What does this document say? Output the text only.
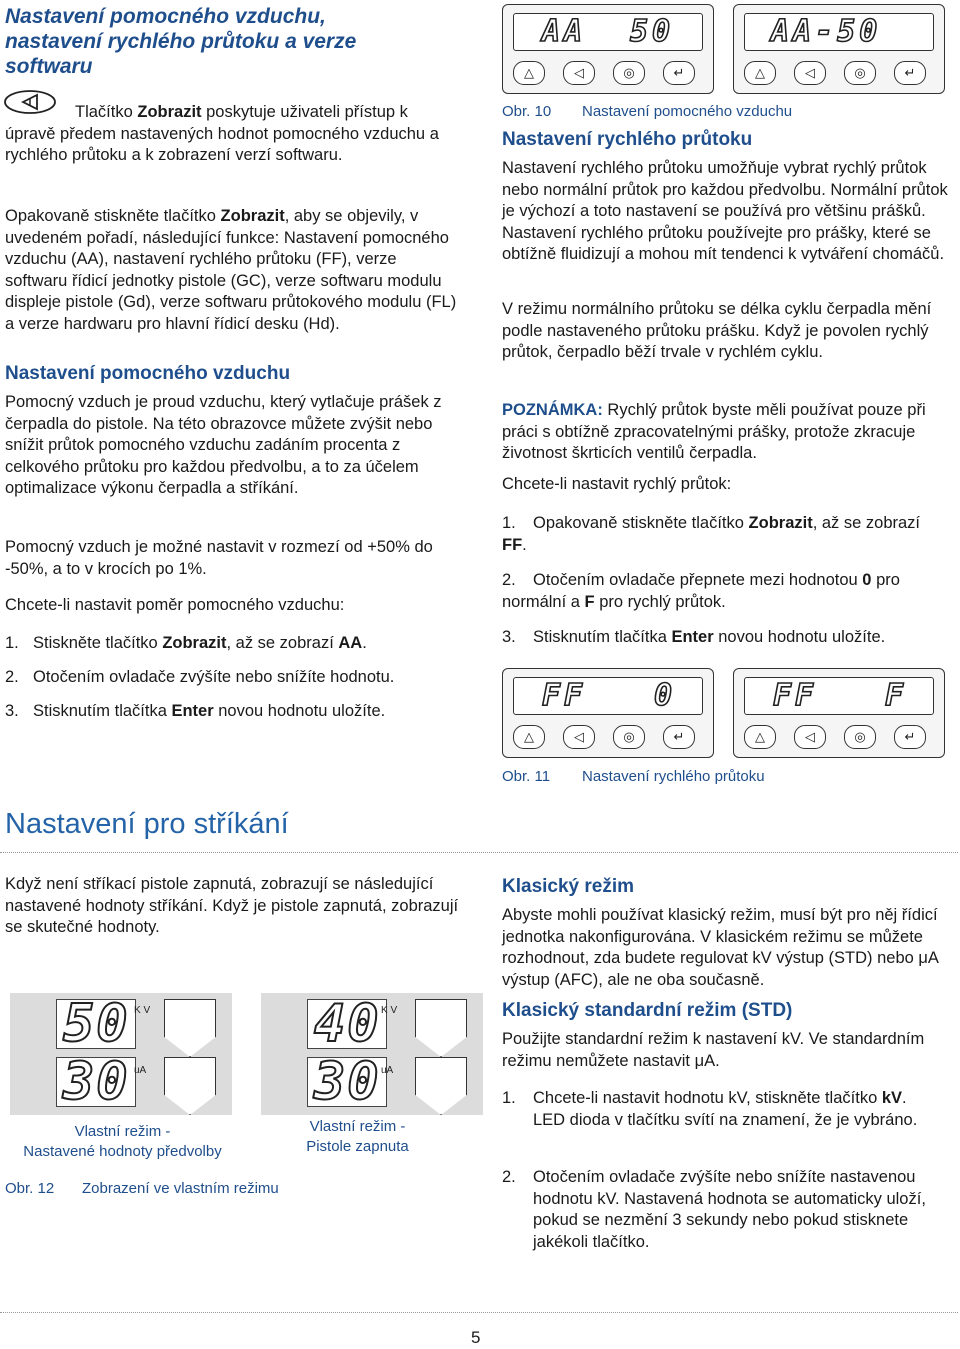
Nastavení pomocného vzduchu, nastavení rychlého průtoku a verze softwaru

Tlačítko Zobrazit poskytuje uživateli přístup k úpravě předem nastavených hodnot pomocného vzduchu a rychlého průtoku a k zobrazení verzí softwaru.

Opakovaně stiskněte tlačítko Zobrazit, aby se objevily, v uvedeném pořadí, následující funkce: Nastavení pomocného vzduchu (AA), nastavení rychlého průtoku (FF), verze softwaru řídicí jednotky pistole (GC), verze softwaru modulu displeje pistole (Gd), verze softwaru průtokového modulu (FL) a verze hardwaru pro hlavní řídicí desku (Hd).

Nastavení pomocného vzduchu

Pomocný vzduch je proud vzduchu, který vytlačuje prášek z čerpadla do pistole. Na této obrazovce můžete zvýšit nebo snížit průtok pomocného vzduchu zadáním procenta z celkového průtoku pro každou předvolbu, a to za účelem optimalizace výkonu čerpadla a stříkání.

Pomocný vzduch je možné nastavit v rozmezí od +50% do -50%, a to v krocích po 1%.

Chcete-li nastavit poměr pomocného vzduchu:

1. Stiskněte tlačítko Zobrazit, až se zobrazí AA.
2. Otočením ovladače zvýšíte nebo snížíte hodnotu.
3. Stisknutím tlačítka Enter novou hodnotu uložíte.
AA 50
△	◁	◎	↵
AA-50
△	◁	◎	↵
Obr. 10 Nastavení pomocného vzduchu
Nastavení rychlého průtoku

Nastavení rychlého průtoku umožňuje vybrat rychlý průtok nebo normální průtok pro každou předvolbu. Normální průtok je výchozí a toto nastavení se používá pro většinu prášků. Nastavení rychlého průtoku používejte pro prášky, které se obtížně fluidizují a mohou mít tendenci k vytváření chomáčů.

V režimu normálního průtoku se délka cyklu čerpadla mění podle nastaveného průtoku prášku. Když je povolen rychlý průtok, čerpadlo běží trvale v rychlém cyklu.

POZNÁMKA: Rychlý průtok byste měli používat pouze při práci s obtížně zpracovatelnými prášky, protože zkracuje životnost škrticích ventilů čerpadla.

Chcete-li nastavit rychlý průtok:

1. Opakovaně stiskněte tlačítko Zobrazit, až se zobrazí FF.
2. Otočením ovladače přepnete mezi hodnotou 0 pro normální a F pro rychlý průtok.
3. Stisknutím tlačítka Enter novou hodnotu uložíte.
FF 0
△	◁	◎	↵
FF F
△	◁	◎	↵
Obr. 11 Nastavení rychlého průtoku
Nastavení pro stříkání

Když není stříkací pistole zapnutá, zobrazují se následující nastavené hodnoty stříkání. Když je pistole zapnutá, zobrazují se skutečné hodnoty.

50
30
K V
uA
40
30
K V
uA
Vlastní režim -
Nastavené hodnoty předvolby
Vlastní režim -
Pistole zapnuta
Obr. 12 Zobrazení ve vlastním režimu
Klasický režim

Abyste mohli používat klasický režim, musí být pro něj řídicí jednotka nakonfigurována. V klasickém režimu se můžete rozhodnout, zda budete regulovat kV výstup (STD) nebo μA výstup (AFC), ale ne oba současně.

Klasický standardní režim (STD)

Použijte standardní režim k nastavení kV. Ve standardním režimu nemůžete nastavit μA.

1. Chcete-li nastavit hodnotu kV, stiskněte tlačítko kV. LED dioda v tlačítku svítí na znamení, že je vybráno.
2. Otočením ovladače zvýšíte nebo snížíte nastavenou hodnotu kV. Nastavená hodnota se automaticky uloží, pokud se nezmění 3 sekundy nebo pokud stisknete jakékoli tlačítko.
5
